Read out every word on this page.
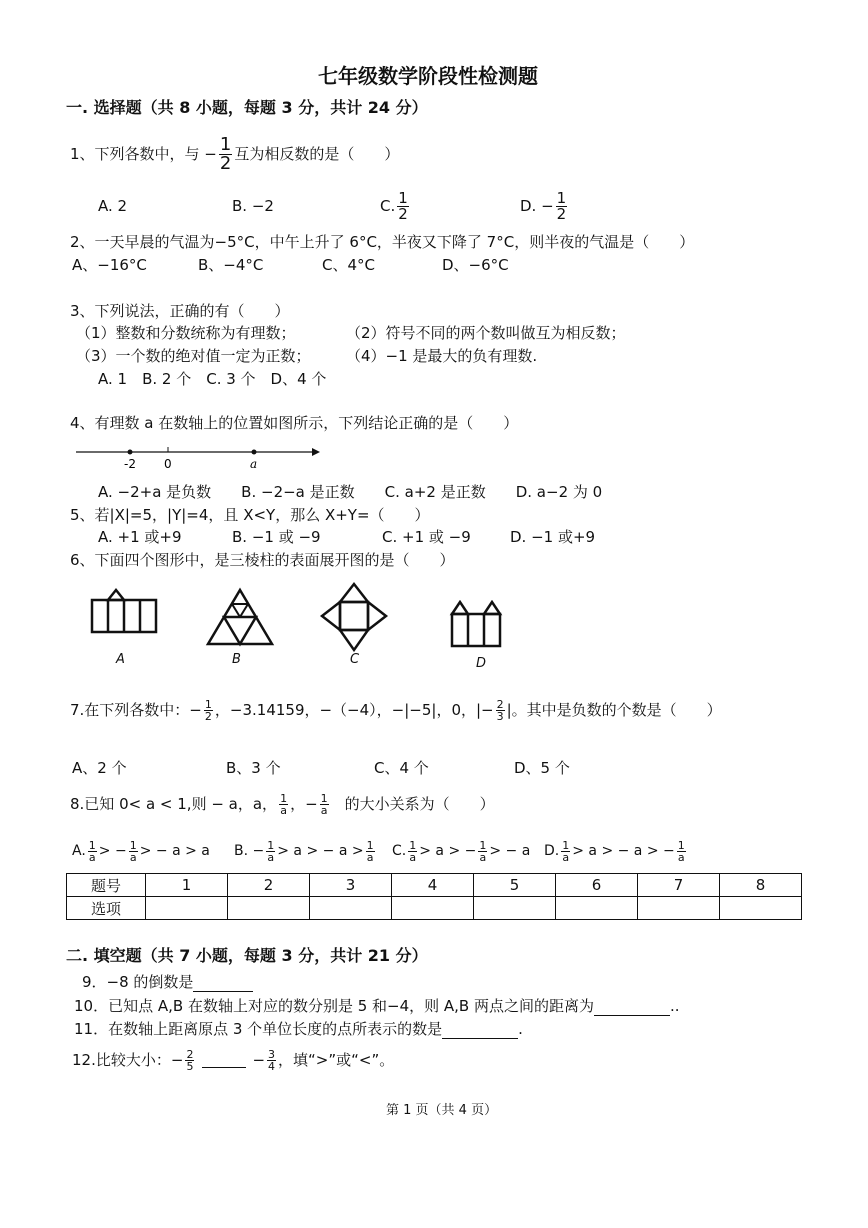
七年级数学阶段性检测题
一. 选择题（共 8 小题，每题 3 分，共计 24 分）
1、下列各数中，与 − $\frac{1}{2}$ 互为相反数的是（　　）
A. 2	B. −2	C. $\frac{1}{2}$	D. − $\frac{1}{2}$
2、一天早晨的气温为−5°C，中午上升了 6°C，半夜又下降了 7°C，则半夜的气温是（　　）
A、−16°C	B、−4°C	C、4°C	D、−6°C
3、下列说法，正确的有（　　）
（1）整数和分数统称为有理数；	（2）符号不同的两个数叫做互为相反数；
（3）一个数的绝对值一定为正数； （4）−1 是最大的负有理数.
A. 1　B. 2 个　C. 3 个　D、4 个
4、有理数 a 在数轴上的位置如图所示，下列结论正确的是（　　）
-2 0	a
A. −2+a 是负数　　B. −2−a 是正数　　C. a+2 是正数　　D. a−2 为 0
5、若|X|=5，|Y|=4，且 X<Y，那么 X+Y=（　　）
A. +1 或+9	B. −1 或 −9	C. +1 或 −9	D. −1 或+9
6、下面四个图形中，是三棱柱的表面展开图的是（　　）
A	B	C	D
7.在下列各数中：− $\frac{1}{2}$ ，−3.14159，−（−4），−|−5|，0，|− $\frac{2}{3}$ |。其中是负数的个数是（　　）
A、2 个	B、3 个	C、4 个	D、5 个
8.已知 0< a < 1,则 − a，a， $\frac{1}{a}$ ，− $\frac{1}{a}$ 的大小关系为（　　）
A. $\frac{1}{a}$ > − $\frac{1}{a}$ > − a > a B. − $\frac{1}{a} > a$ > − $a > \frac{1}{a} C$. $\frac{1}{a} > a$ > − $\frac{1}{a}$ > − a D. $\frac{1}{a} > a$ > − a > − $\frac{1}{a}$
题号	1	2	3	4	5	6	7	8
选项								
二. 填空题（共 7 小题，每题 3 分，共计 21 分）
9．−8 的倒数是
10．已知点 A,B 在数轴上对应的数分别是 5 和−4，则 A,B 两点之间的距离为	..
11．在数轴上距离原点 3 个单位长度的点所表示的数是	.
12.比较大小：− $\frac{2}{5}$	− $\frac{3}{4}$ ，填“>”或“<”。
第 1 页（共 4 页）
